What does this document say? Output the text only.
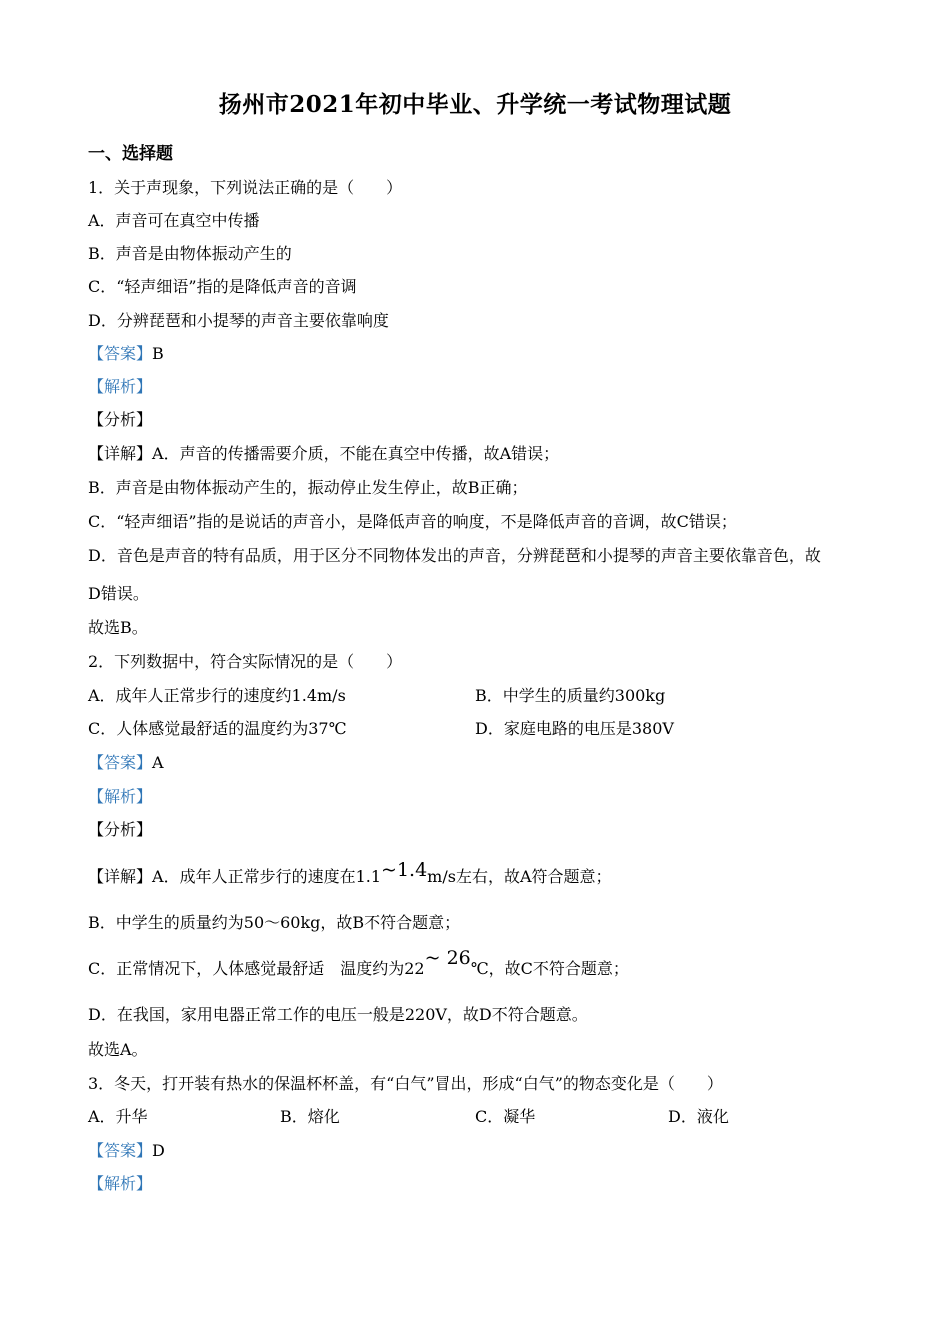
扬州市2021年初中毕业、升学统一考试物理试题
一、选择题
1．关于声现象，下列说法正确的是（　　）
A．声音可在真空中传播
B．声音是由物体振动产生的
C．“轻声细语”指的是降低声音的音调
D．分辨琵琶和小提琴的声音主要依靠响度
【答案】B
【解析】
【分析】
【详解】A．声音的传播需要介质，不能在真空中传播，故A错误；
B．声音是由物体振动产生的，振动停止发生停止，故B正确；
C．“轻声细语”指的是说话的声音小，是降低声音的响度，不是降低声音的音调，故C错误；
D．音色是声音的特有品质，用于区分不同物体发出的声音，分辨琵琶和小提琴的声音主要依靠音色，故
D错误。
故选B。
2．下列数据中，符合实际情况的是（　　）
A．成年人正常步行的速度约1.4m/s	B．中学生的质量约300kg
C．人体感觉最舒适的温度约为37℃	D．家庭电路的电压是380V
【答案】A
【解析】
【分析】
【详解】A．成年人正常步行的速度在1.1~1.4m/s左右，故A符合题意；
B．中学生的质量约为50～60kg，故B不符合题意；
C．正常情况下，人体感觉最舒适　温度约为22~ 26℃，故C不符合题意；
D．在我国，家用电器正常工作的电压一般是220V，故D不符合题意。
故选A。
3．冬天，打开装有热水的保温杯杯盖，有“白气”冒出，形成“白气”的物态变化是（　　）
A．升华	B．熔化	C．凝华	D．液化
【答案】D
【解析】
